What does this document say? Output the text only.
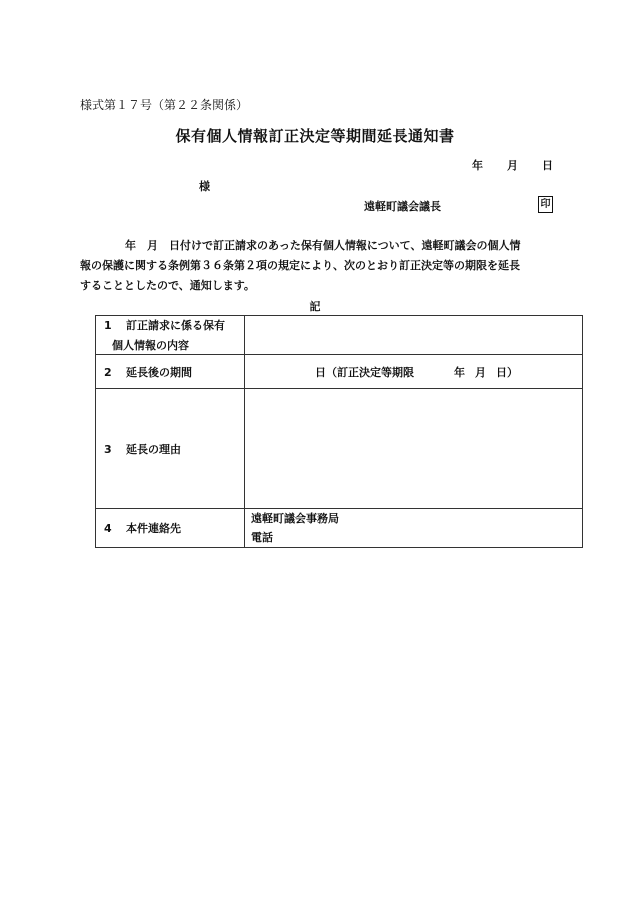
様式第１７号（第２２条関係）
保有個人情報訂正決定等期間延長通知書
年 月 日
様
遠軽町議会議長	印
年　月　日付けで訂正請求のあった保有個人情報について、遠軽町議会の個人情
報の保護に関する条例第３６条第２項の規定により、次のとおり訂正決定等の期限を延長
することとしたので、通知します。
記
1 訂正請求に係る保有
個人情報の内容	

2 延長後の期間	日（訂正決定等期限 年 月 日）
3 延長の理由	
4 本件連絡先	遠軽町議会事務局
電話
